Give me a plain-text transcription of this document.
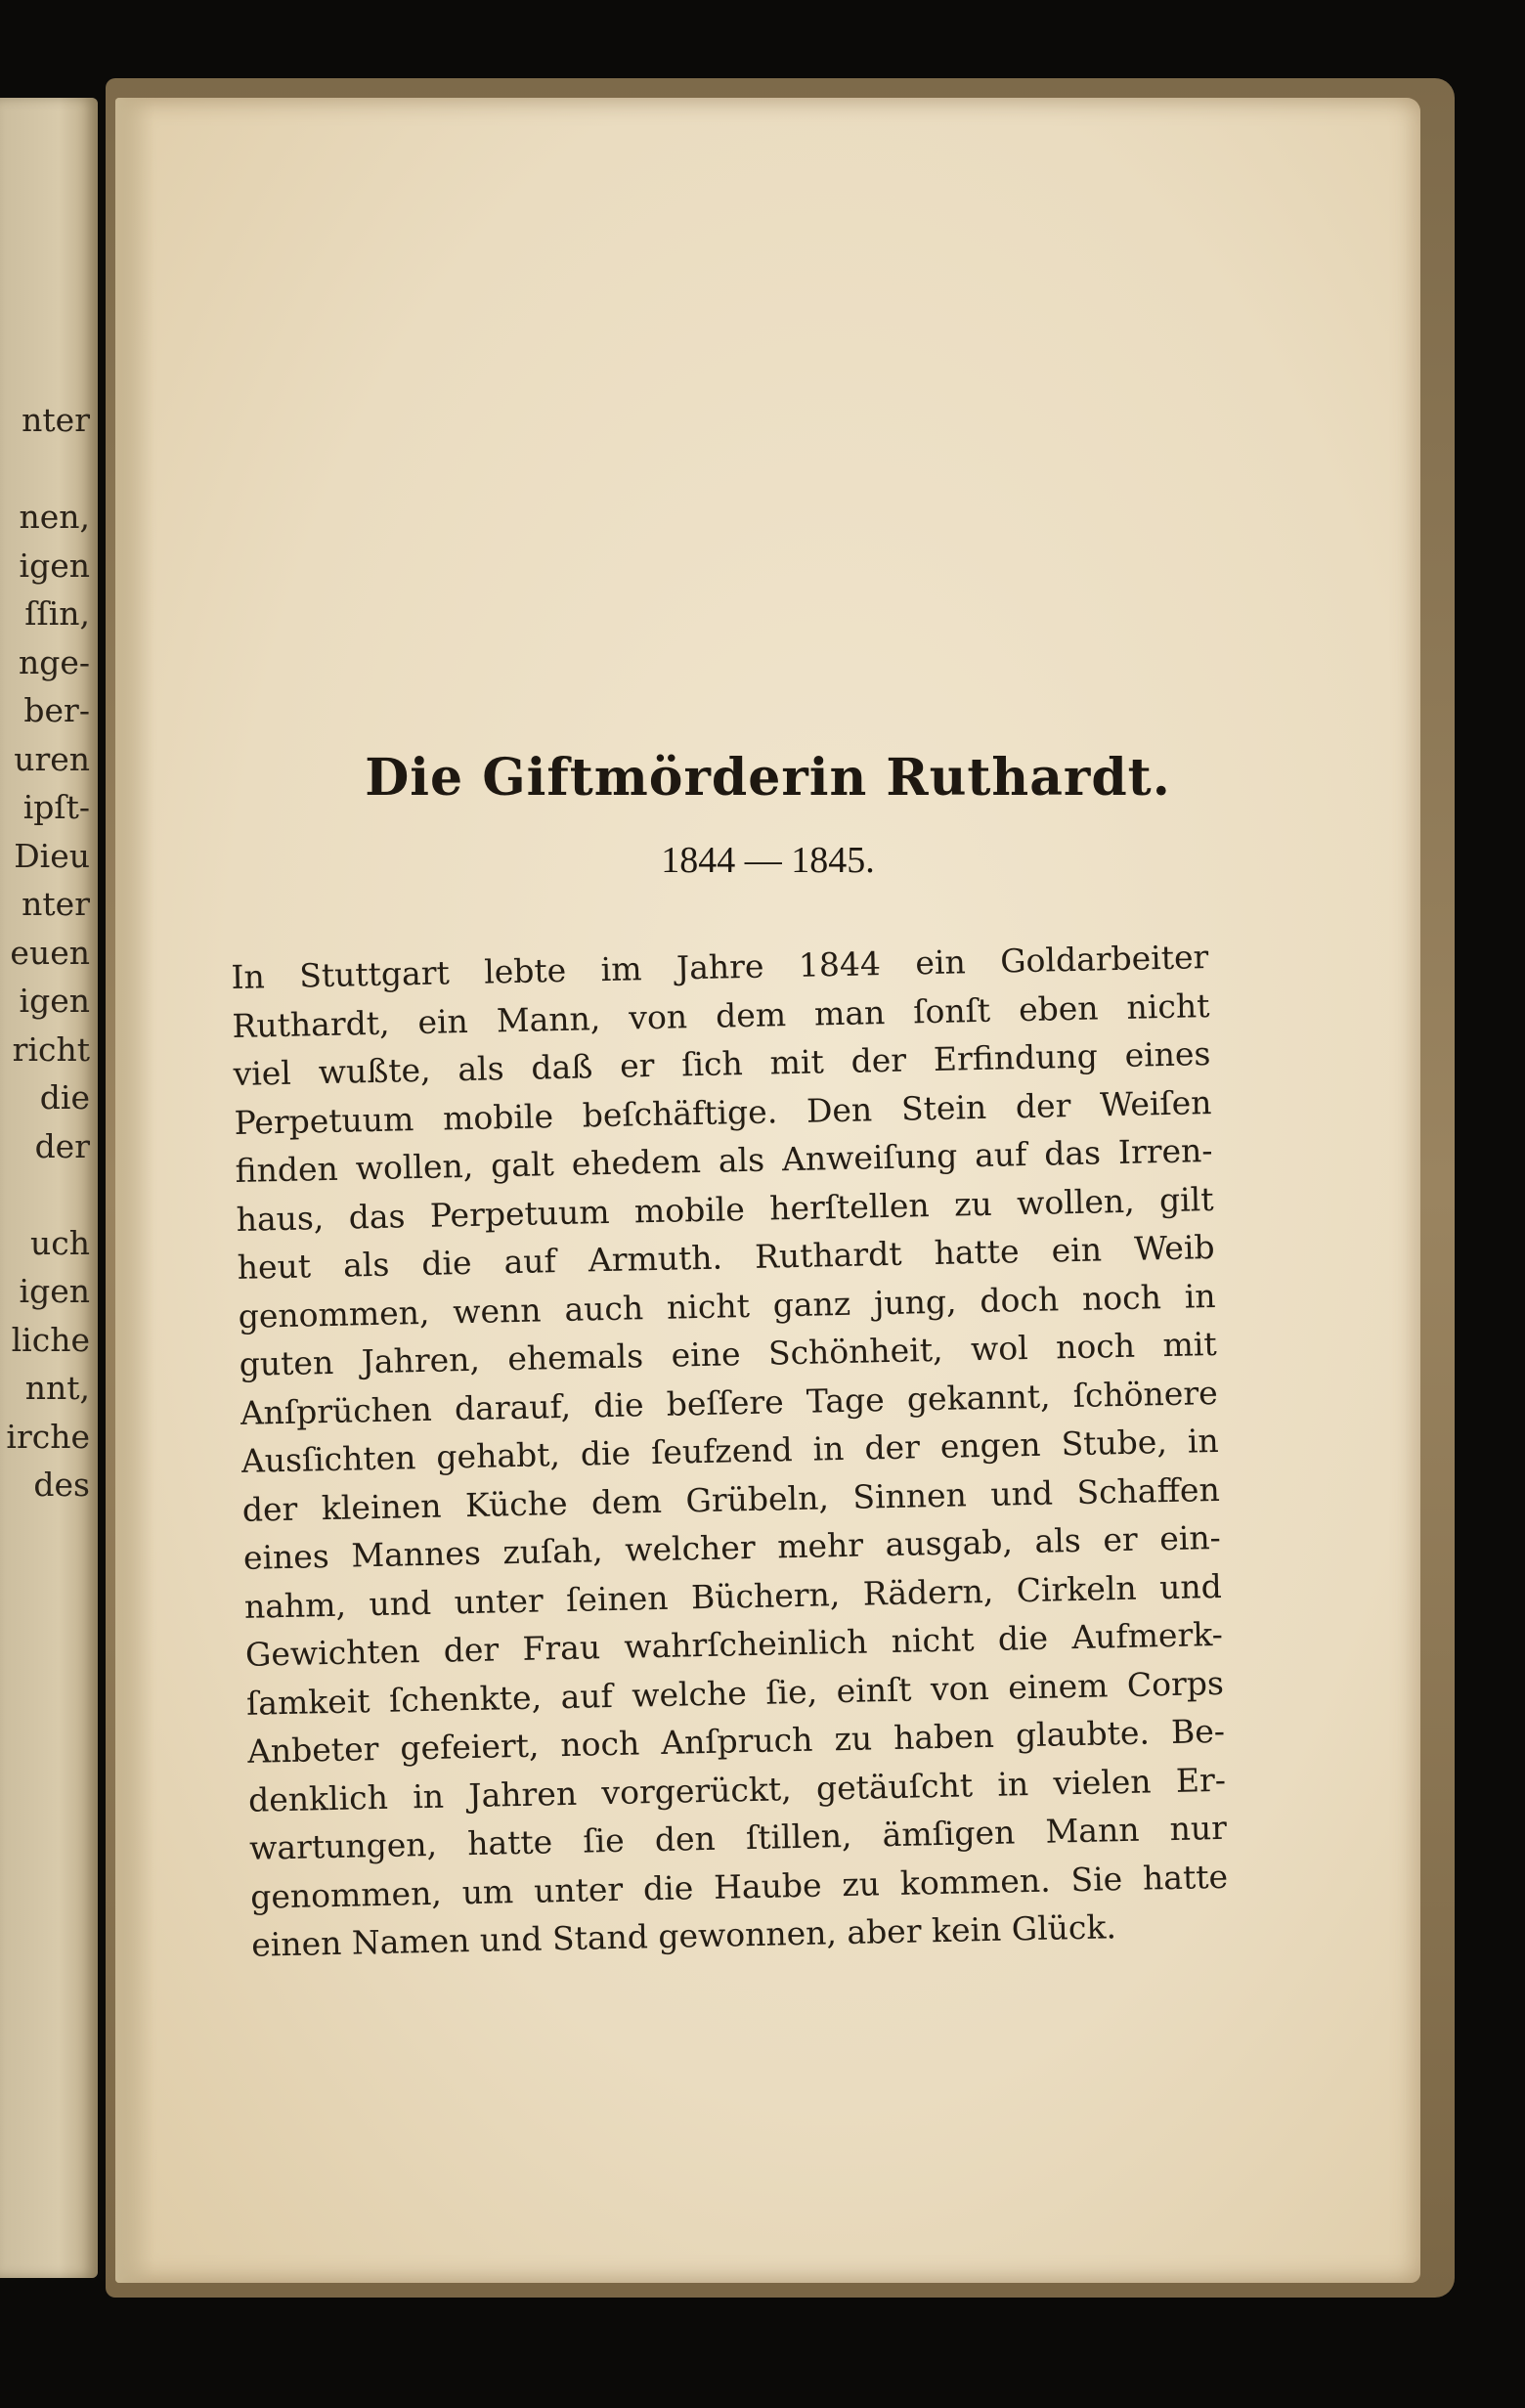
nter
nen,
igen
ſſin,
nge-
ber-
uren
ipſt-
Dieu
nter
euen
igen
richt
die
der
uch
igen
liche
nnt,
irche
des
Die Giftmörderin Ruthardt.
1844 — 1845.
In Stuttgart lebte im Jahre 1844 ein Goldarbeiter
Ruthardt, ein Mann, von dem man ſonſt eben nicht
viel wußte, als daß er ſich mit der Erfindung eines
Perpetuum mobile beſchäftige. Den Stein der Weiſen
finden wollen, galt ehedem als Anweiſung auf das Irren-
haus, das Perpetuum mobile herſtellen zu wollen, gilt
heut als die auf Armuth. Ruthardt hatte ein Weib
genommen, wenn auch nicht ganz jung, doch noch in
guten Jahren, ehemals eine Schönheit, wol noch mit
Anſprüchen darauf, die beſſere Tage gekannt, ſchönere
Ausſichten gehabt, die ſeufzend in der engen Stube, in
der kleinen Küche dem Grübeln, Sinnen und Schaffen
eines Mannes zuſah, welcher mehr ausgab, als er ein-
nahm, und unter ſeinen Büchern, Rädern, Cirkeln und
Gewichten der Frau wahrſcheinlich nicht die Aufmerk-
ſamkeit ſchenkte, auf welche ſie, einſt von einem Corps
Anbeter gefeiert, noch Anſpruch zu haben glaubte. Be-
denklich in Jahren vorgerückt, getäuſcht in vielen Er-
wartungen, hatte ſie den ſtillen, ämſigen Mann nur
genommen, um unter die Haube zu kommen. Sie hatte
einen Namen und Stand gewonnen, aber kein Glück.
